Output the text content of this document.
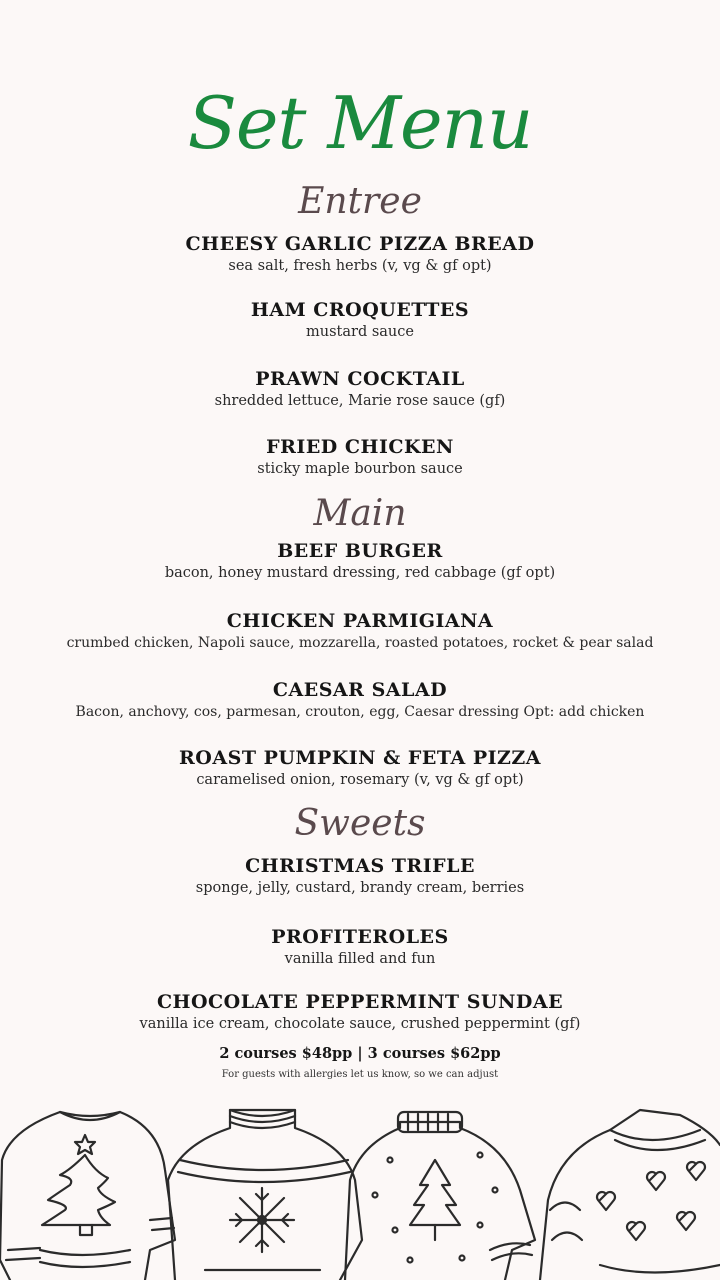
Set Menu
Entree
CHEESY GARLIC PIZZA BREAD
sea salt, fresh herbs (v, vg & gf opt)
HAM CROQUETTES
mustard sauce
PRAWN COCKTAIL
shredded lettuce, Marie rose sauce (gf)
FRIED CHICKEN
sticky maple bourbon sauce
Main
BEEF BURGER
bacon, honey mustard dressing, red cabbage (gf opt)
CHICKEN PARMIGIANA
crumbed chicken, Napoli sauce, mozzarella, roasted potatoes, rocket & pear salad
CAESAR SALAD
Bacon, anchovy, cos, parmesan, crouton, egg, Caesar dressing Opt: add chicken
ROAST PUMPKIN & FETA PIZZA
caramelised onion, rosemary (v, vg & gf opt)
Sweets
CHRISTMAS TRIFLE
sponge, jelly, custard, brandy cream, berries
PROFITEROLES
vanilla filled and fun
CHOCOLATE PEPPERMINT SUNDAE
vanilla ice cream, chocolate sauce, crushed peppermint (gf)
2 courses $48pp | 3 courses $62pp
For guests with allergies let us know, so we can adjust
